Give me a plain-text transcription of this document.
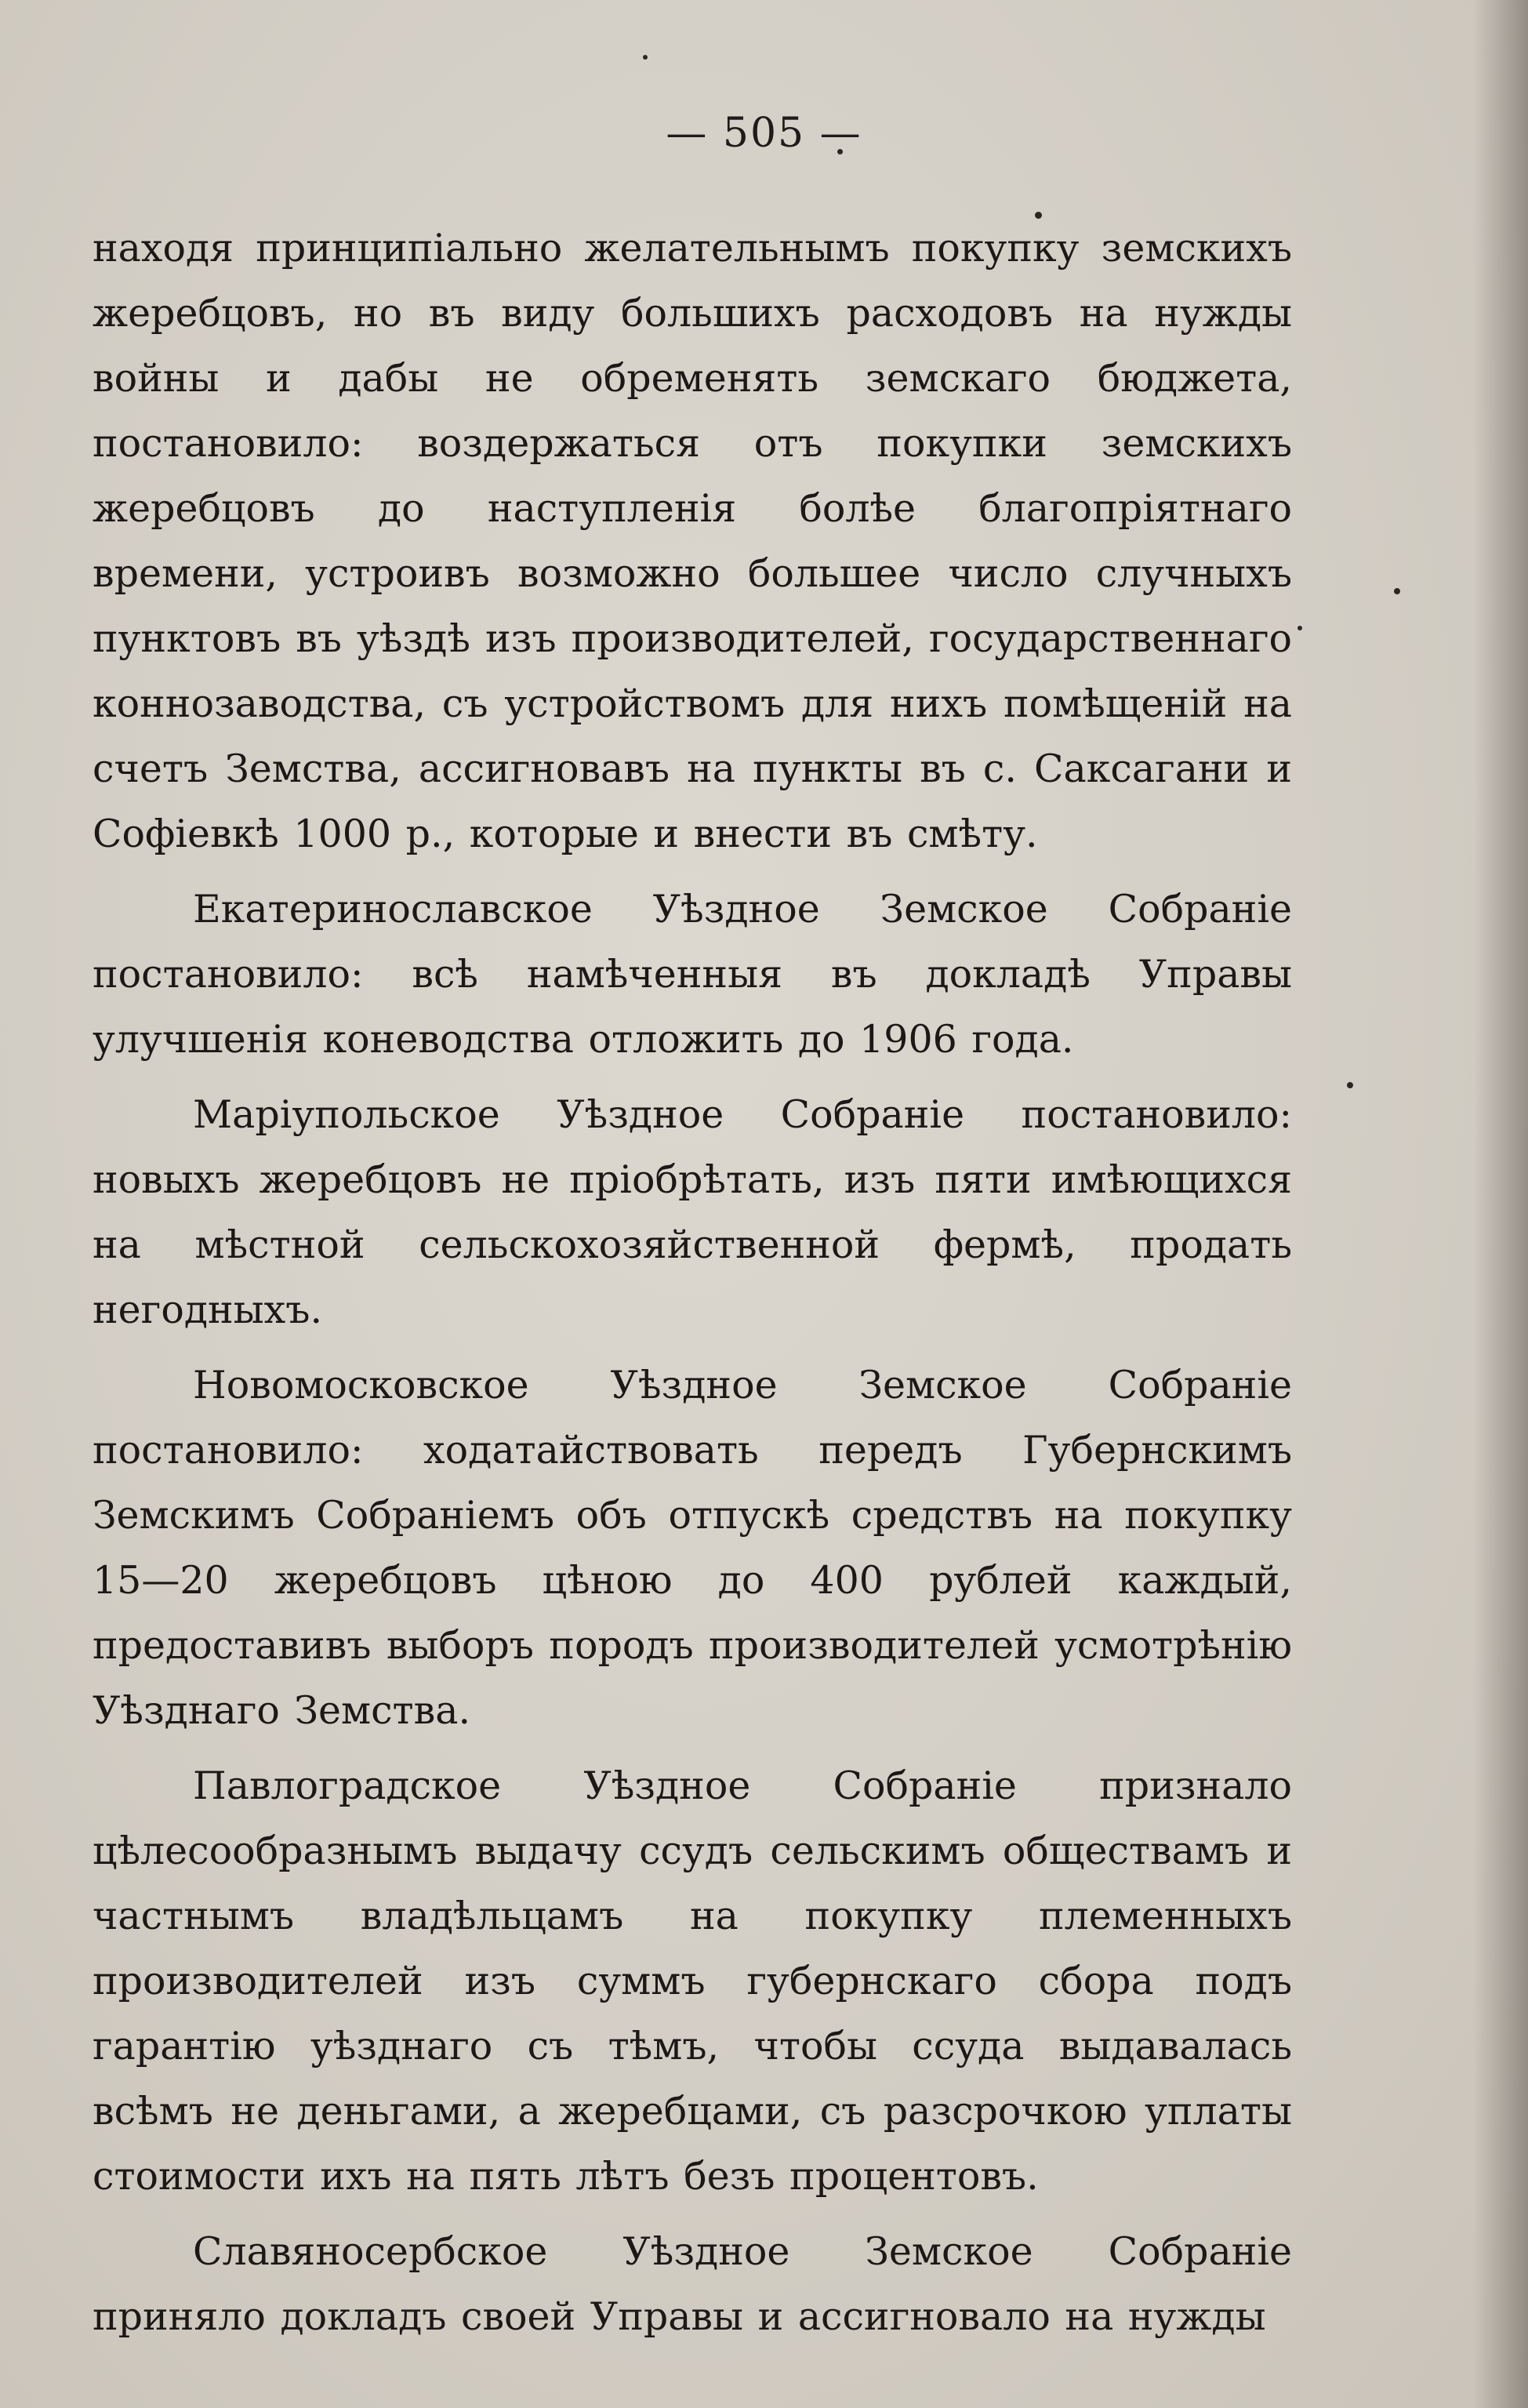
— 505 —

находя принципіально желательнымъ покупку земскихъ жеребцовъ, но въ виду большихъ расходовъ на нужды войны и дабы не обременять земскаго бюджета, постановило: воздержаться отъ покупки земскихъ жеребцовъ до наступленія болѣе благопріятнаго времени, устроивъ возможно большее число случныхъ пунктовъ въ уѣздѣ изъ производителей, государственнаго коннозаводства, съ устройствомъ для нихъ помѣщеній на счетъ Земства, ассигновавъ на пункты въ с. Саксагани и Софіевкѣ 1000 р., которые и внести въ смѣту.

Екатеринославское Уѣздное Земское Собраніе постановило: всѣ намѣченныя въ докладѣ Управы улучшенія коневодства отложить до 1906 года.

Маріупольское Уѣздное Собраніе постановило: новыхъ жеребцовъ не пріобрѣтать, изъ пяти имѣющихся на мѣстной сельскохозяйственной фермѣ, продать негодныхъ.

Новомосковское Уѣздное Земское Собраніе постановило: ходатайствовать передъ Губернскимъ Земскимъ Собраніемъ объ отпускѣ средствъ на покупку 15—20 жеребцовъ цѣною до 400 рублей каждый, предоставивъ выборъ породъ производителей усмотрѣнію Уѣзднаго Земства.

Павлоградское Уѣздное Собраніе признало цѣлесообразнымъ выдачу ссудъ сельскимъ обществамъ и частнымъ владѣльцамъ на покупку племенныхъ производителей изъ суммъ губернскаго сбора подъ гарантію уѣзднаго съ тѣмъ, чтобы ссуда выдавалась всѣмъ не деньгами, а жеребцами, съ разсрочкою уплаты стоимости ихъ на пять лѣтъ безъ процентовъ.

Славяносербское Уѣздное Земское Собраніе приняло докладъ своей Управы и ассигновало на нужды
